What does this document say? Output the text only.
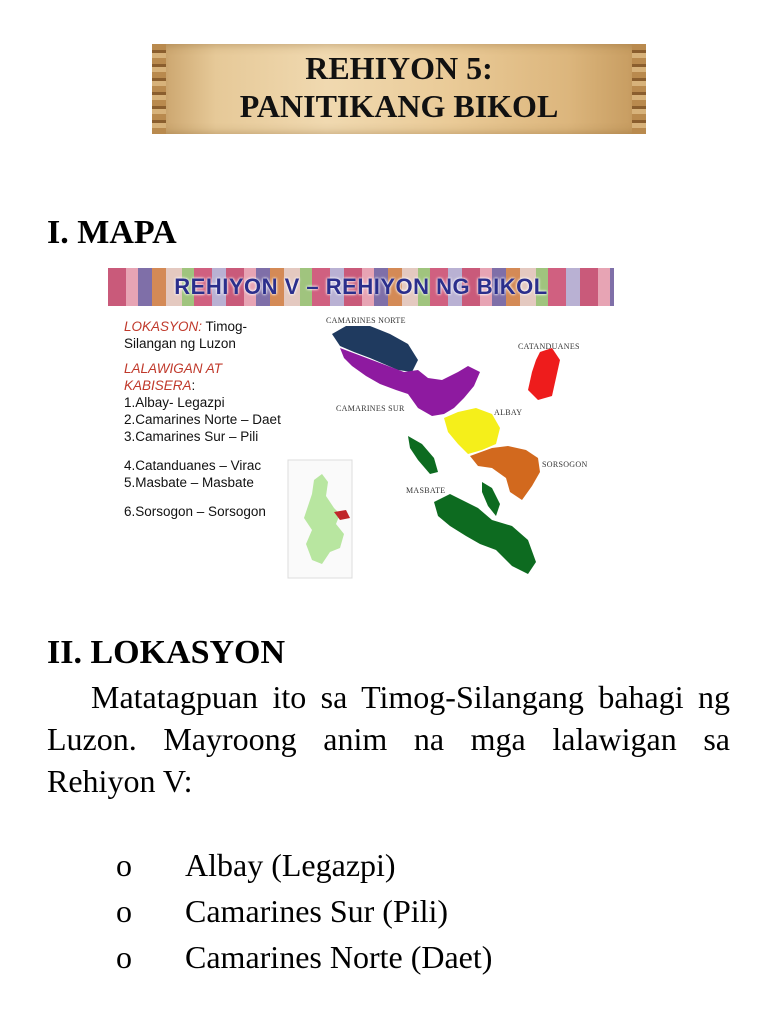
REHIYON 5:
PANITIKANG BIKOL
I. MAPA
REHIYON V – REHIYON NG BIKOL

LOKASYON: Timog-

Silangan ng Luzon

LALAWIGAN AT

KABISERA:

1.Albay- Legazpi

2.Camarines Norte – Daet

3.Camarines Sur – Pili

4.Catanduanes – Virac

5.Masbate – Masbate

6.Sorsogon – Sorsogon

CAMARINES NORTE
CATANDUANES
CAMARINES SUR	ALBAY
SORSOGON
MASBATE
II. LOKASYON
Matatagpuan ito sa Timog-Silangang bahagi ng Luzon. Mayroong anim na mga lalawigan sa Rehiyon V:
o Albay (Legazpi)
o Camarines Sur (Pili)
o Camarines Norte (Daet)
